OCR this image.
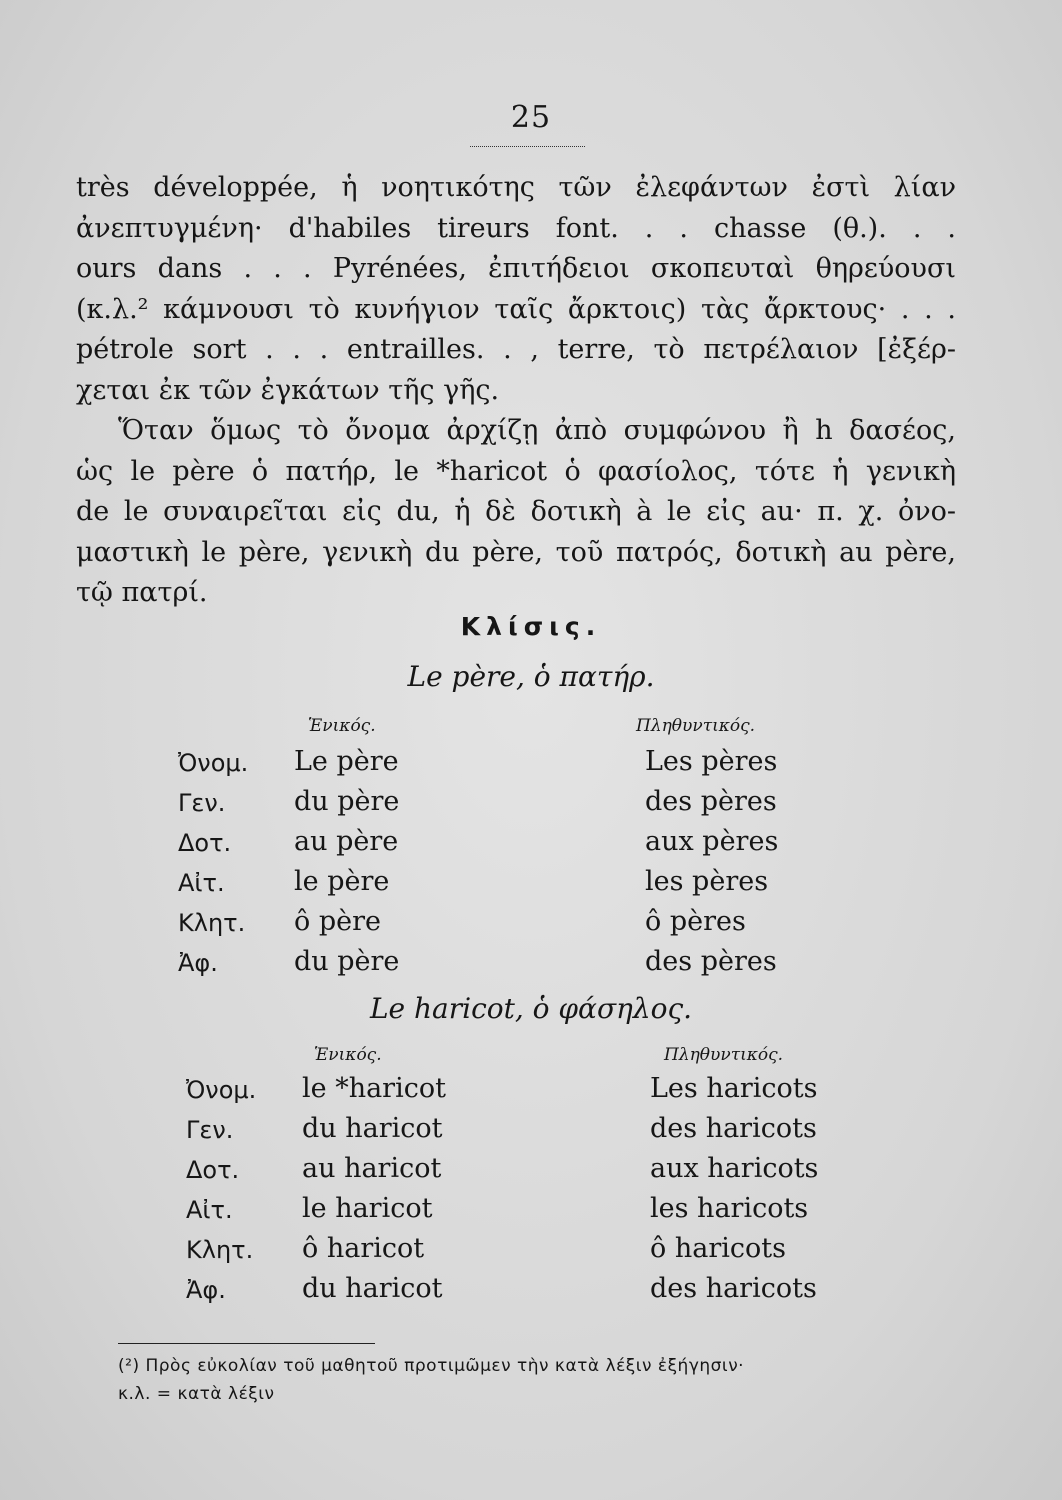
25
très développée, ἡ νοητικότης τῶν ἐλεφάντων ἐστὶ λίαν
ἀνεπτυγμένη· d'habiles tireurs font. . . chasse (θ.). . .
ours dans . . . Pyrénées, ἐπιτήδειοι σκοπευταὶ θηρεύουσι
(κ.λ.² κάμνουσι τὸ κυνήγιον ταῖς ἄρκτοις) τὰς ἄρκτους· . . .
pétrole sort . . . entrailles. . , terre, τὸ πετρέλαιον [ἐξέρ-
χεται ἐκ τῶν ἐγκάτων τῆς γῆς.
Ὅταν ὅμως τὸ ὄνομα ἀρχίζῃ ἀπὸ συμφώνου ἢ h δασέος,
ὡς le père ὁ πατήρ, le *haricot ὁ φασίολος, τότε ἡ γενικὴ
de le συναιρεῖται εἰς du, ἡ δὲ δοτικὴ à le εἰς au· π. χ. ὀνο-
μαστικὴ le père, γενικὴ du père, τοῦ πατρός, δοτικὴ au père,
τῷ πατρί.
Κλίσις.
Le père, ὁ πατήρ.
Ἑνικός.	Πληθυντικός.
Ὀνομ. Le père	Les pères
Γεν.	du père	des pères
Δοτ. au père	aux pères
Αἰτ.	le père	les pères
Κλητ. ô père	ô pères
Ἀφ.	du père	des pères
Le haricot, ὁ φάσηλος.
Ἑνικός.	Πληθυντικός.
Ὀνομ. le *haricot	Les haricots
Γεν.	du haricot	des haricots
Δοτ. au haricot	aux haricots
Αἰτ.	le haricot	les haricots
Κλητ. ô haricot	ô haricots
Ἀφ.	du haricot	des haricots
(²) Πρὸς εὐκολίαν τοῦ μαθητοῦ προτιμῶμεν τὴν κατὰ λέξιν ἐξήγησιν·
κ.λ. = κατὰ λέξιν
